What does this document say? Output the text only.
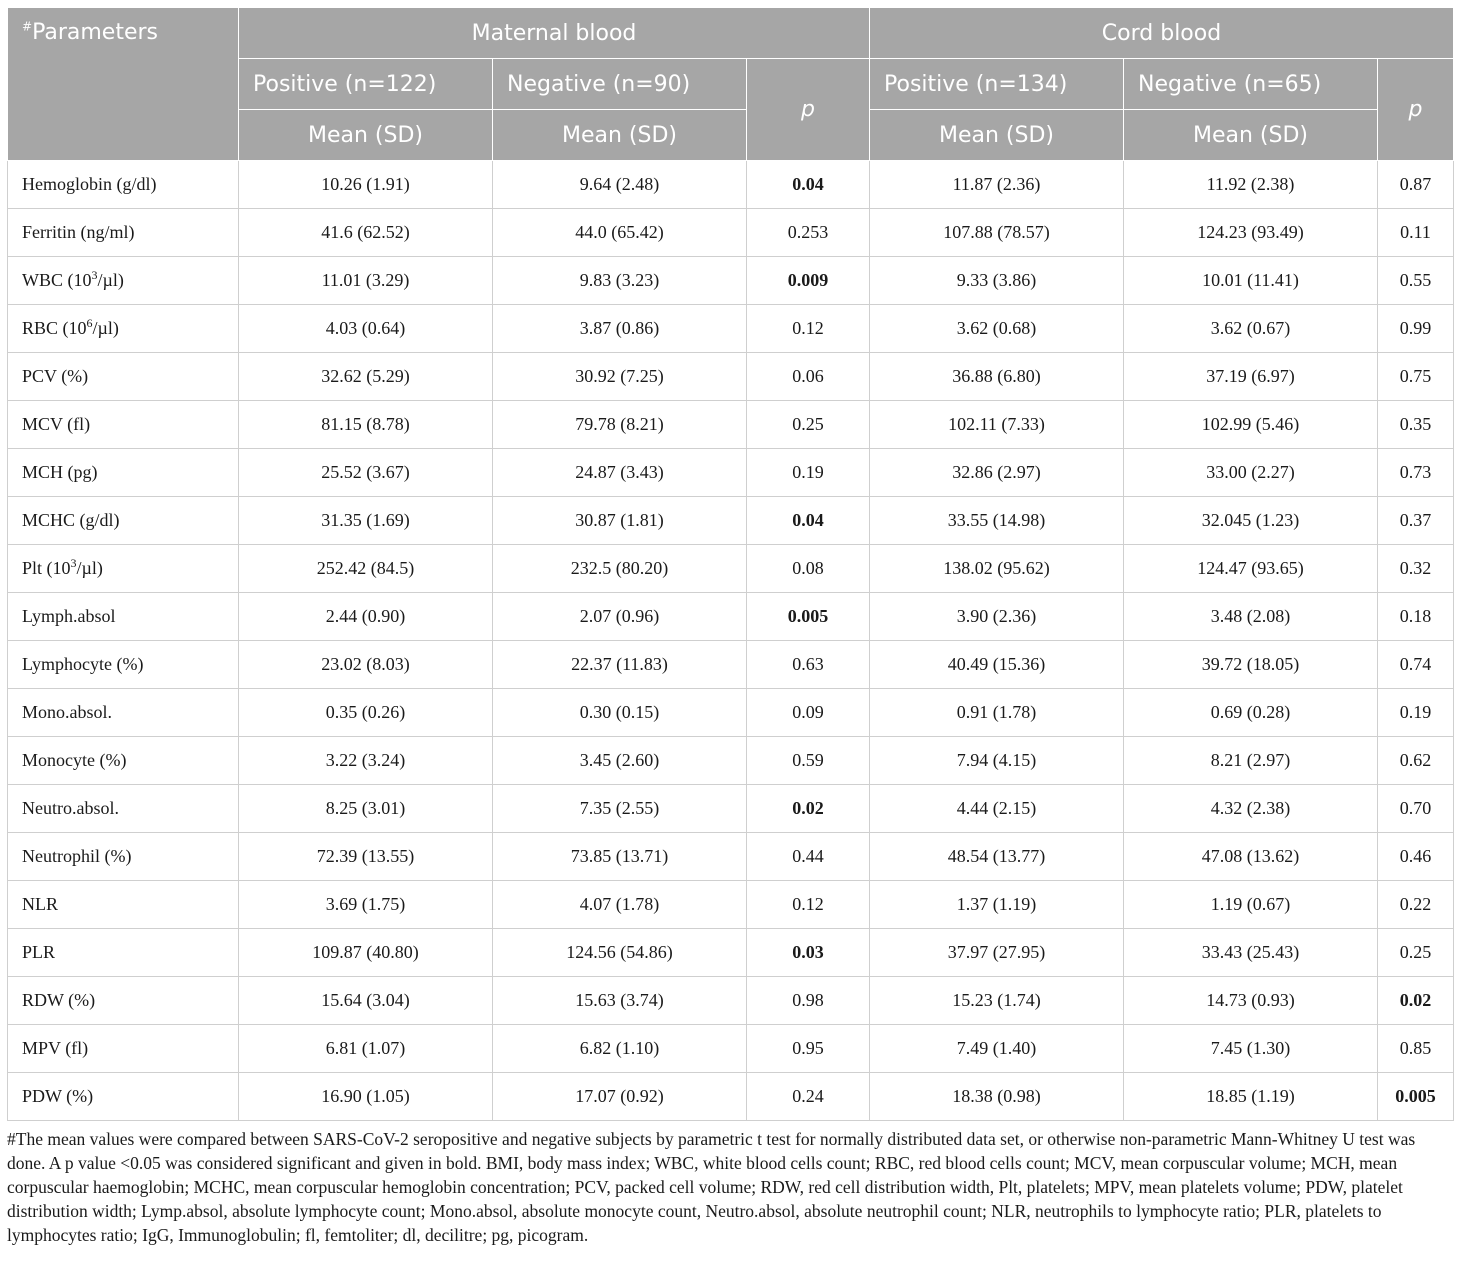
#Parameters	Maternal blood			Cord blood		
	Positive (n=122)	Negative (n=90)	p	Positive (n=134)	Negative (n=65)	p
	Mean (SD)	Mean (SD)		Mean (SD)	Mean (SD)	
Hemoglobin (g/dl)	10.26 (1.91)	9.64 (2.48)	0.04	11.87 (2.36)	11.92 (2.38)	0.87
Ferritin (ng/ml)	41.6 (62.52)	44.0 (65.42)	0.253	107.88 (78.57)	124.23 (93.49)	0.11
WBC $(10^3/\mu l)$	11.01 (3.29)	9.83 (3.23)	0.009	9.33 (3.86)	10.01 (11.41)	0.55
RBC $(10^6/\mu l)$	4.03 (0.64)	3.87 (0.86)	0.12	3.62 (0.68)	3.62 (0.67)	0.99
PCV (%)	32.62 (5.29)	30.92 (7.25)	0.06	36.88 (6.80)	37.19 (6.97)	0.75
MCV (fl)	81.15 (8.78)	79.78 (8.21)	0.25	102.11 (7.33)	102.99 (5.46)	0.35
MCH (pg)	25.52 (3.67)	24.87 (3.43)	0.19	32.86 (2.97)	33.00 (2.27)	0.73
MCHC (g/dl)	31.35 (1.69)	30.87 (1.81)	0.04	33.55 (14.98)	32.045 (1.23)	0.37
Plt $(10^3/\mu l)$	252.42 (84.5)	232.5 (80.20)	0.08	138.02 (95.62)	124.47 (93.65)	0.32
Lymph.absol	2.44 (0.90)	2.07 (0.96)	0.005	3.90 (2.36)	3.48 (2.08)	0.18
Lymphocyte (%)	23.02 (8.03)	22.37 (11.83)	0.63	40.49 (15.36)	39.72 (18.05)	0.74
Mono.absol.	0.35 (0.26)	0.30 (0.15)	0.09	0.91 (1.78)	0.69 (0.28)	0.19
Monocyte (%)	3.22 (3.24)	3.45 (2.60)	0.59	7.94 (4.15)	8.21 (2.97)	0.62
Neutro.absol.	8.25 (3.01)	7.35 (2.55)	0.02	4.44 (2.15)	4.32 (2.38)	0.70
Neutrophil (%)	72.39 (13.55)	73.85 (13.71)	0.44	48.54 (13.77)	47.08 (13.62)	0.46
NLR	3.69 (1.75)	4.07 (1.78)	0.12	1.37 (1.19)	1.19 (0.67)	0.22
PLR	109.87 (40.80)	124.56 (54.86)	0.03	37.97 (27.95)	33.43 (25.43)	0.25
RDW (%)	15.64 (3.04)	15.63 (3.74)	0.98	15.23 (1.74)	14.73 (0.93)	0.02
MPV (fl)	6.81 (1.07)	6.82 (1.10)	0.95	7.49 (1.40)	7.45 (1.30)	0.85
PDW (%)	16.90 (1.05)	17.07 (0.92)	0.24	18.38 (0.98)	18.85 (1.19)	0.005
#The mean values were compared between SARS-CoV-2 seropositive and negative subjects by parametric t test for normally distributed data set, or otherwise non-parametric Mann-Whitney U test was done. A p value <0.05 was considered significant and given in bold. BMI, body mass index; WBC, white blood cells count; RBC, red blood cells count; MCV, mean corpuscular volume; MCH, mean corpuscular haemoglobin; MCHC, mean corpuscular hemoglobin concentration; PCV, packed cell volume; RDW, red cell distribution width, Plt, platelets; MPV, mean platelets volume; PDW, platelet distribution width; Lymp.absol, absolute lymphocyte count; Mono.absol, absolute monocyte count, Neutro.absol, absolute neutrophil count; NLR, neutrophils to lymphocyte ratio; PLR, platelets to lymphocytes ratio; IgG, Immunoglobulin; fl, femtoliter; dl, decilitre; pg, picogram.
